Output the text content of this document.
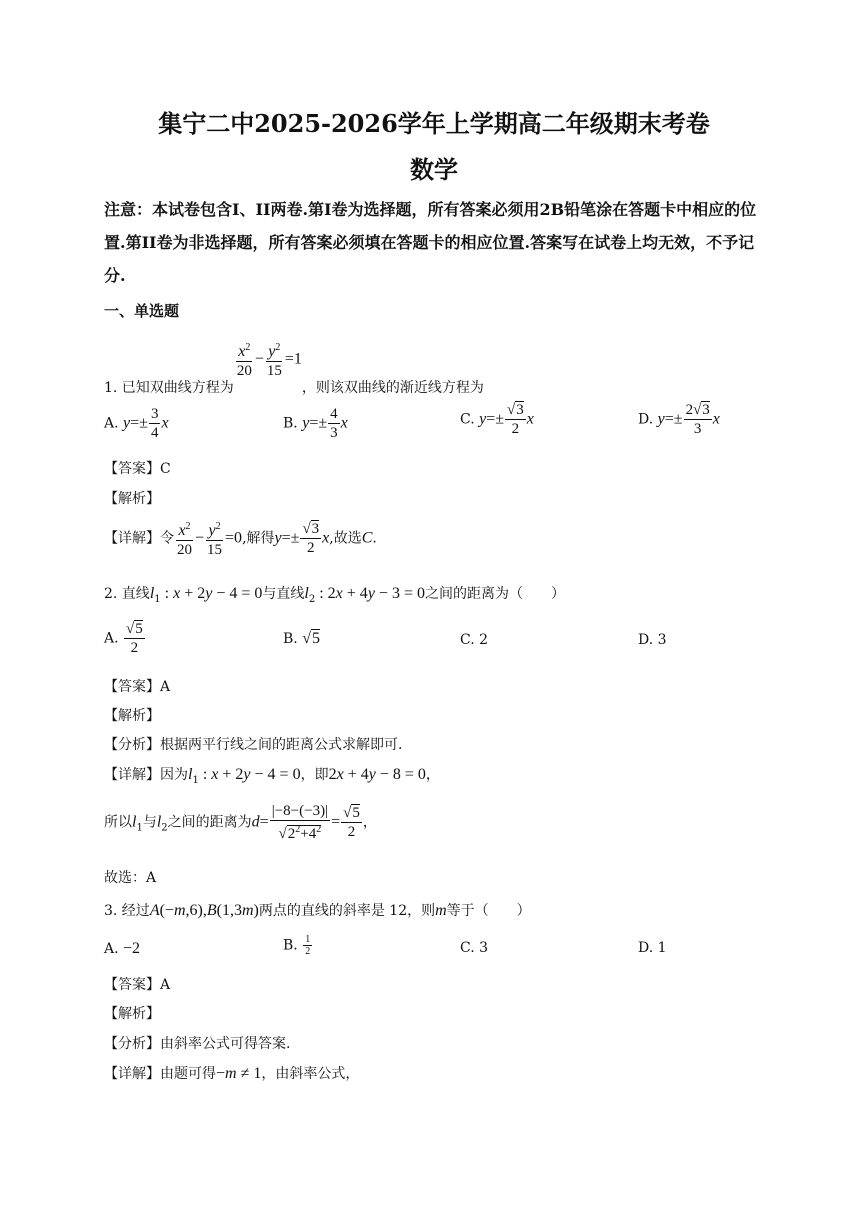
集宁二中2025-2026学年上学期高二年级期末考卷
数学
注意：本试卷包含I、II两卷.第I卷为选择题，所有答案必须用2B铅笔涂在答题卡中相应的位置.第II卷为非选择题，所有答案必须填在答题卡的相应位置.答案写在试卷上均无效，不予记分.
一、单选题
1. 已知双曲线方程为
$\frac{x^2}{20} - \frac{y^2}{15} =1$，则该双曲线的渐近线方程为
A. $y=\pm \frac{3}{4}$ x	B. $y=\pm \frac{4}{3}$ x	C. $y=\pm \frac{√3}{2}$ x	D. $y=\pm \frac{2√3}{3}$ x
【答案】C
【解析】
【详解】令 $\frac{x^2}{20} - \frac{y^2}{15} =0$,解得$y=\pm \frac{√3}{2} x$,故选C.
2. 直线$l_1$ : x + 2y − 4 = 0与直线$l_2$ : 2x + 4y − 3 = 0之间的距离为（　　）
A. $\frac{√5}{2}$	B. √5	C. 2	D. 3
【答案】A
【解析】
【分析】根据两平行线之间的距离公式求解即可.
【详解】因为$l_1$ : x + 2y − 4 = 0，即2x + 4y − 8 = 0，
所以$l_1$与$l_2$之间的距离为$d= \frac{|-8-(-3)|}{√2^2+4^2} = \frac{√5}{2}$ ，
故选：A
3. 经过A(−m,6),B(1,3m)两点的直线的斜率是 12，则m等于（　　）
A. −2	B. $\frac{1}{2}$	C. 3	D. 1
【答案】A
【解析】
【分析】由斜率公式可得答案.
【详解】由题可得−m ≠ 1，由斜率公式，
